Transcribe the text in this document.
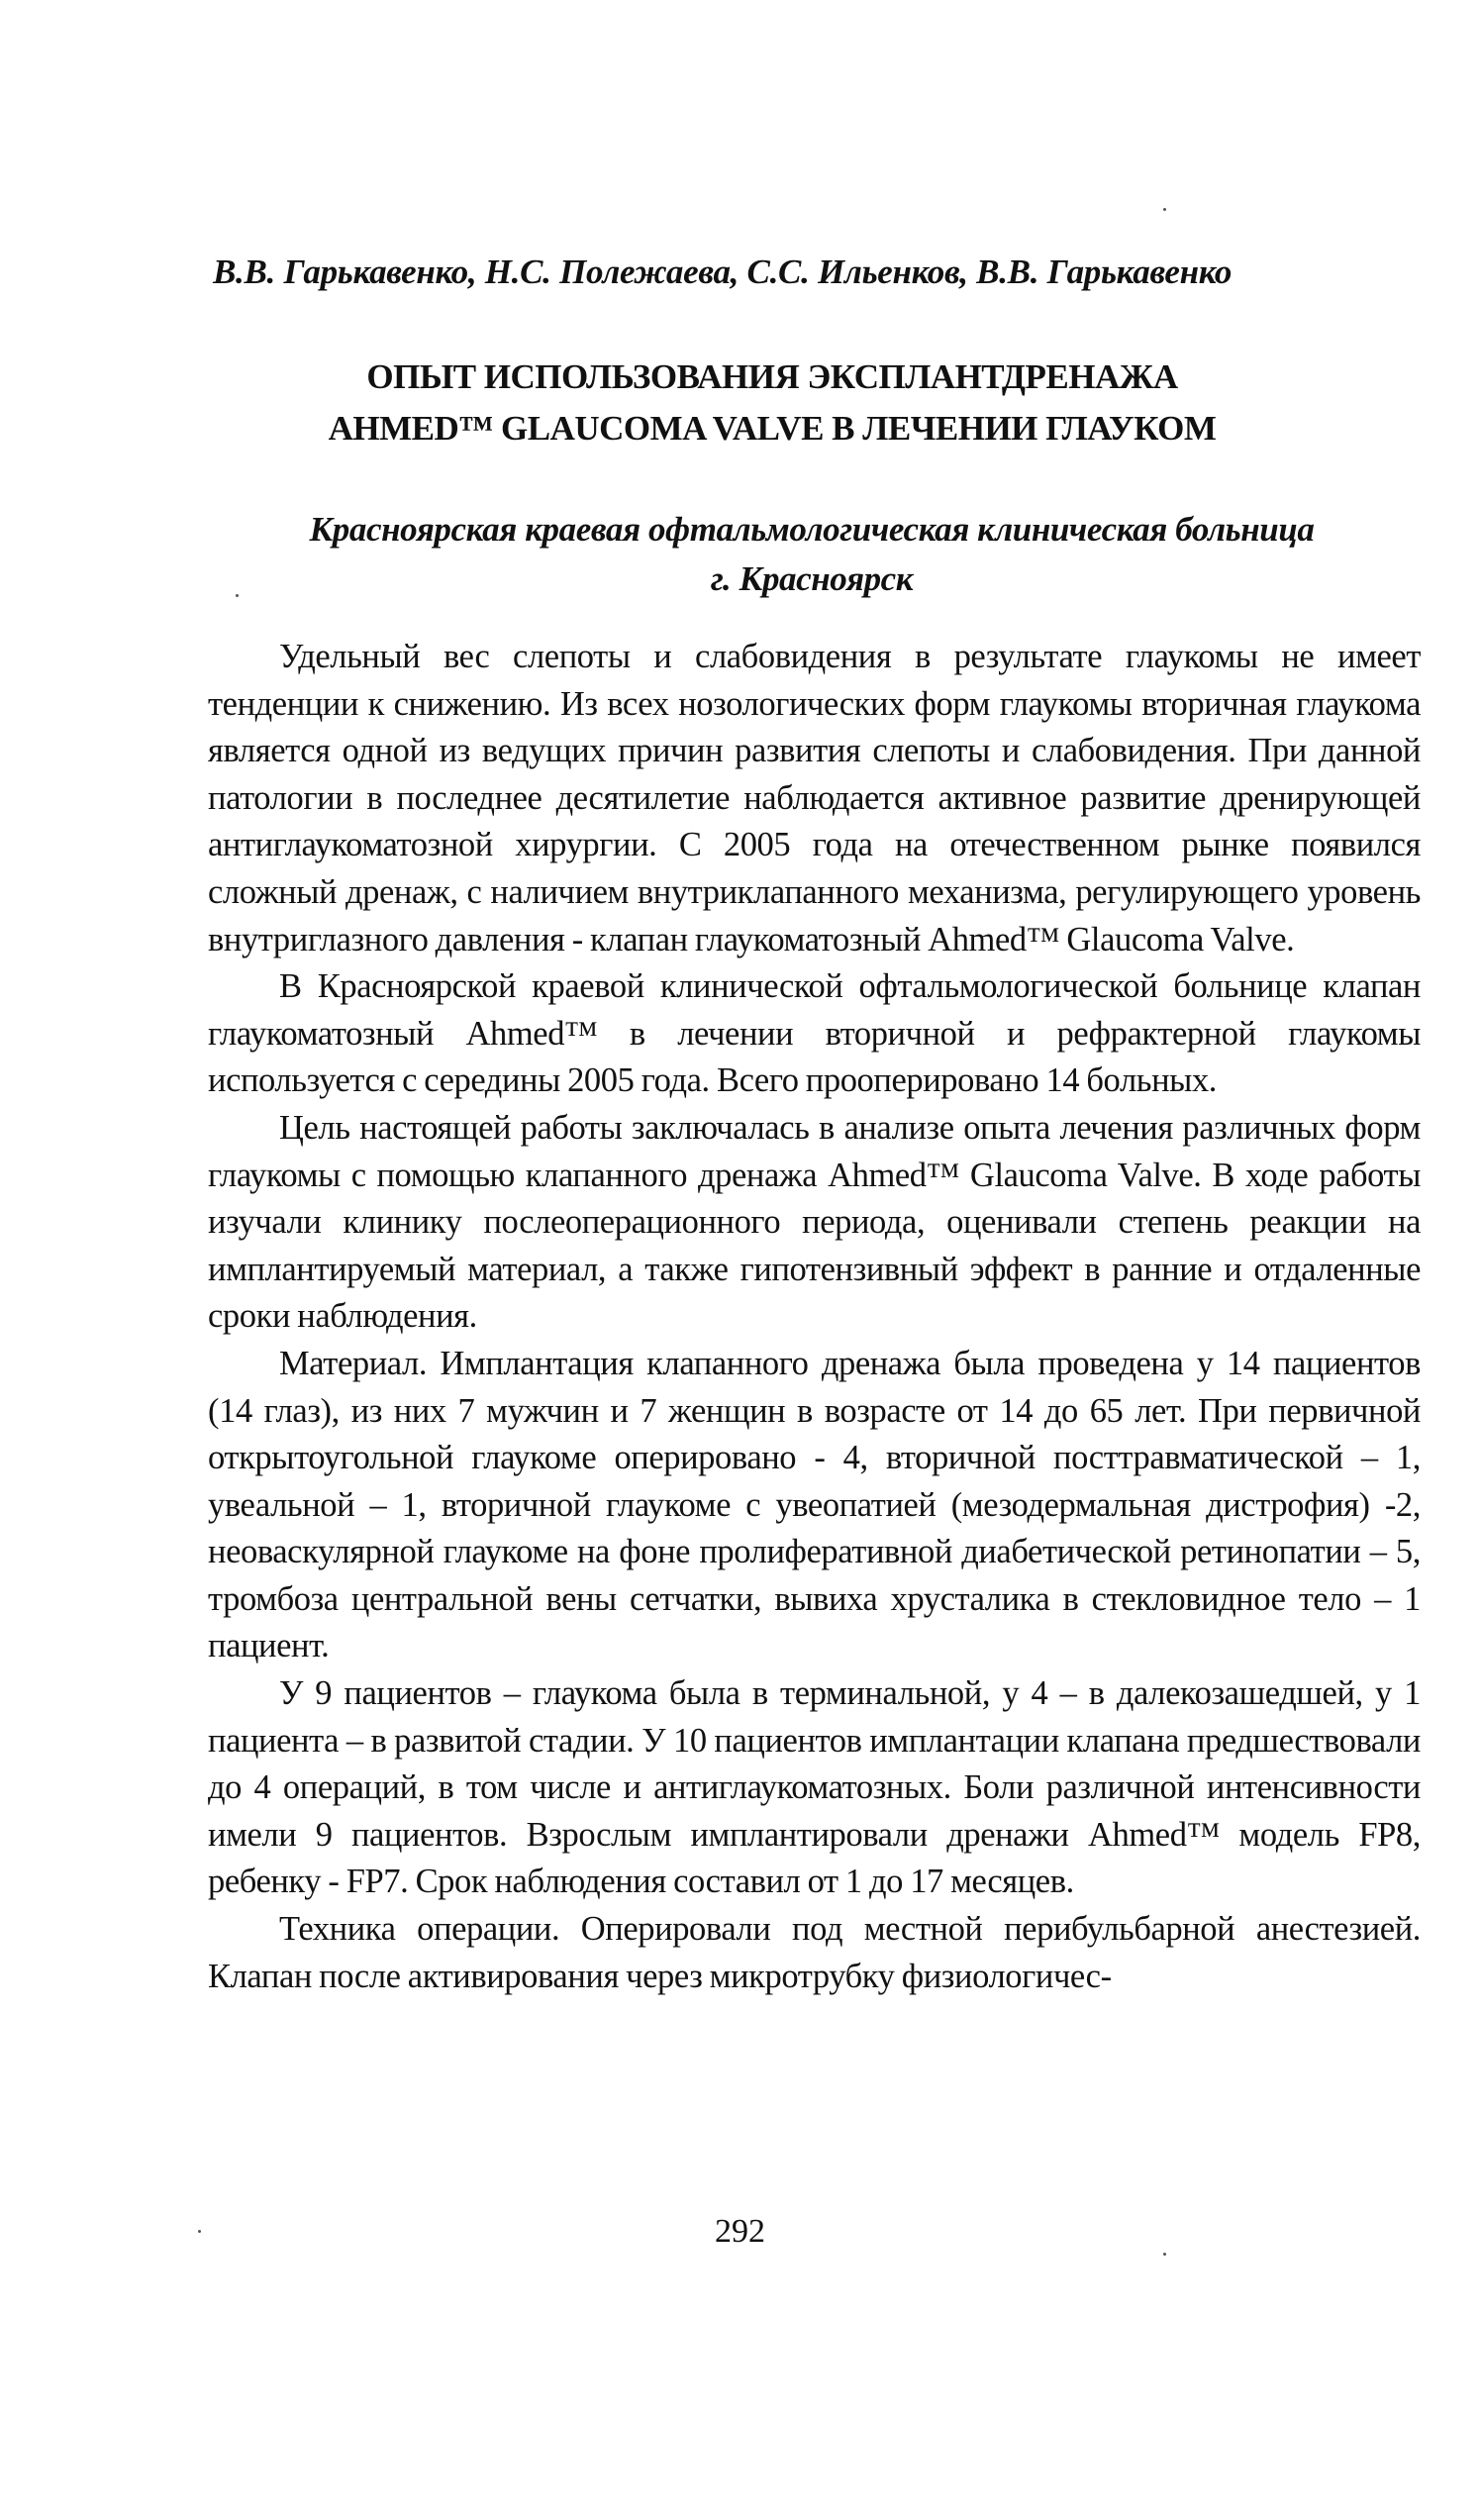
В.В. Гарькавенко, Н.С. Полежаева, С.С. Ильенков, В.В. Гарькавенко
ОПЫТ ИСПОЛЬЗОВАНИЯ ЭКСПЛАНТДРЕНАЖА
AHMED™ GLAUCOMA VALVE В ЛЕЧЕНИИ ГЛАУКОМ
Красноярская краевая офтальмологическая клиническая больница
г. Красноярск

Удельный вес слепоты и слабовидения в результате глаукомы не имеет тенденции к снижению. Из всех нозологических форм глаукомы вторичная глаукома является одной из ведущих причин развития слепоты и слабовидения. При данной патологии в последнее десятилетие наблюдается активное развитие дренирующей антиглаукоматозной хирургии. С 2005 года на отечественном рынке появился сложный дренаж, с наличием внутриклапанного механизма, регулирующего уровень внутриглазного давления - клапан глаукоматозный Ahmed™ Glaucoma Valve.

В Красноярской краевой клинической офтальмологической больнице клапан глаукоматозный Ahmed™ в лечении вторичной и рефрактерной глаукомы используется с середины 2005 года. Всего прооперировано 14 больных.

Цель настоящей работы заключалась в анализе опыта лечения различных форм глаукомы с помощью клапанного дренажа Ahmed™ Glaucoma Valve. В ходе работы изучали клинику послеоперационного периода, оценивали степень реакции на имплантируемый материал, а также гипотензивный эффект в ранние и отдаленные сроки наблюдения.

Материал. Имплантация клапанного дренажа была проведена у 14 пациентов (14 глаз), из них 7 мужчин и 7 женщин в возрасте от 14 до 65 лет. При первичной открытоугольной глаукоме оперировано - 4, вторичной посттравматической – 1, увеальной – 1, вторичной глаукоме с увеопатией (мезодермальная дистрофия) -2, неоваскулярной глаукоме на фоне пролиферативной диабетической ретинопатии – 5, тромбоза центральной вены сетчатки, вывиха хрусталика в стекловидное тело – 1 пациент.

У 9 пациентов – глаукома была в терминальной, у 4 – в далекозашедшей, у 1 пациента – в развитой стадии. У 10 пациентов имплантации клапана предшествовали до 4 операций, в том числе и антиглаукоматозных. Боли различной интенсивности имели 9 пациентов. Взрослым имплантировали дренажи Ahmed™ модель FP8, ребенку - FP7. Срок наблюдения составил от 1 до 17 месяцев.

Техника операции. Оперировали под местной перибульбарной анестезией. Клапан после активирования через микротрубку физиологичес-

292
